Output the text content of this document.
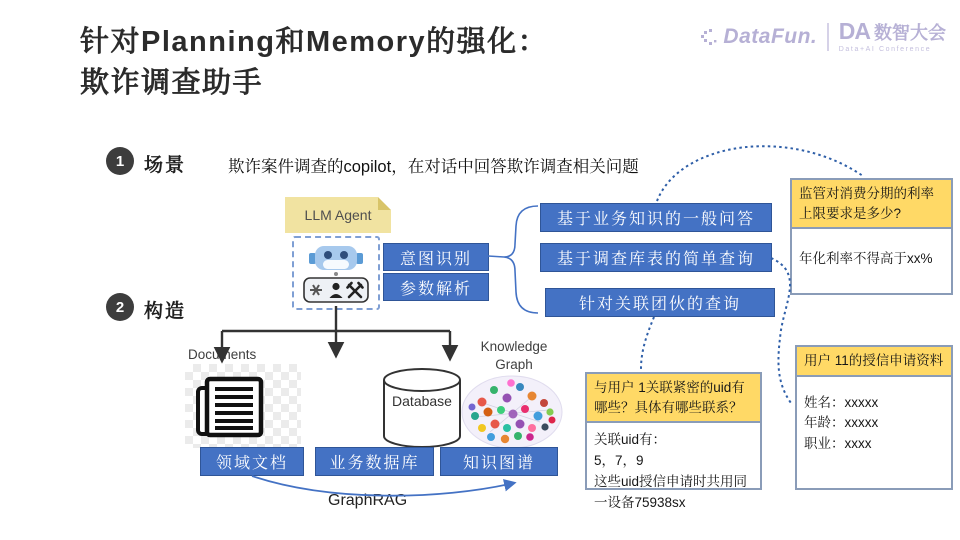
针对Planning和Memory的强化：
欺诈调查助手
DataFun. DA 数智大会
Data+AI Conference
1	场景	欺诈案件调查的copilot，在对话中回答欺诈调查相关问题
2	构造
LLM Agent
意图识别
参数解析
基于业务知识的一般问答
基于调查库表的简单查询
针对关联团伙的查询
监管对消费分期的利率上限要求是多少?
年化利率不得高于xx%
与用户 1关联紧密的uid有哪些？具体有哪些联系？
关联uid有：
5，7，9
这些uid授信申请时共用同一设备75938sx
用户 11的授信申请资料
姓名：xxxxx
年龄：xxxxx
职业：xxxx
Documents
Database
Knowledge Graph
领域文档	业务数据库	知识图谱
GraphRAG
